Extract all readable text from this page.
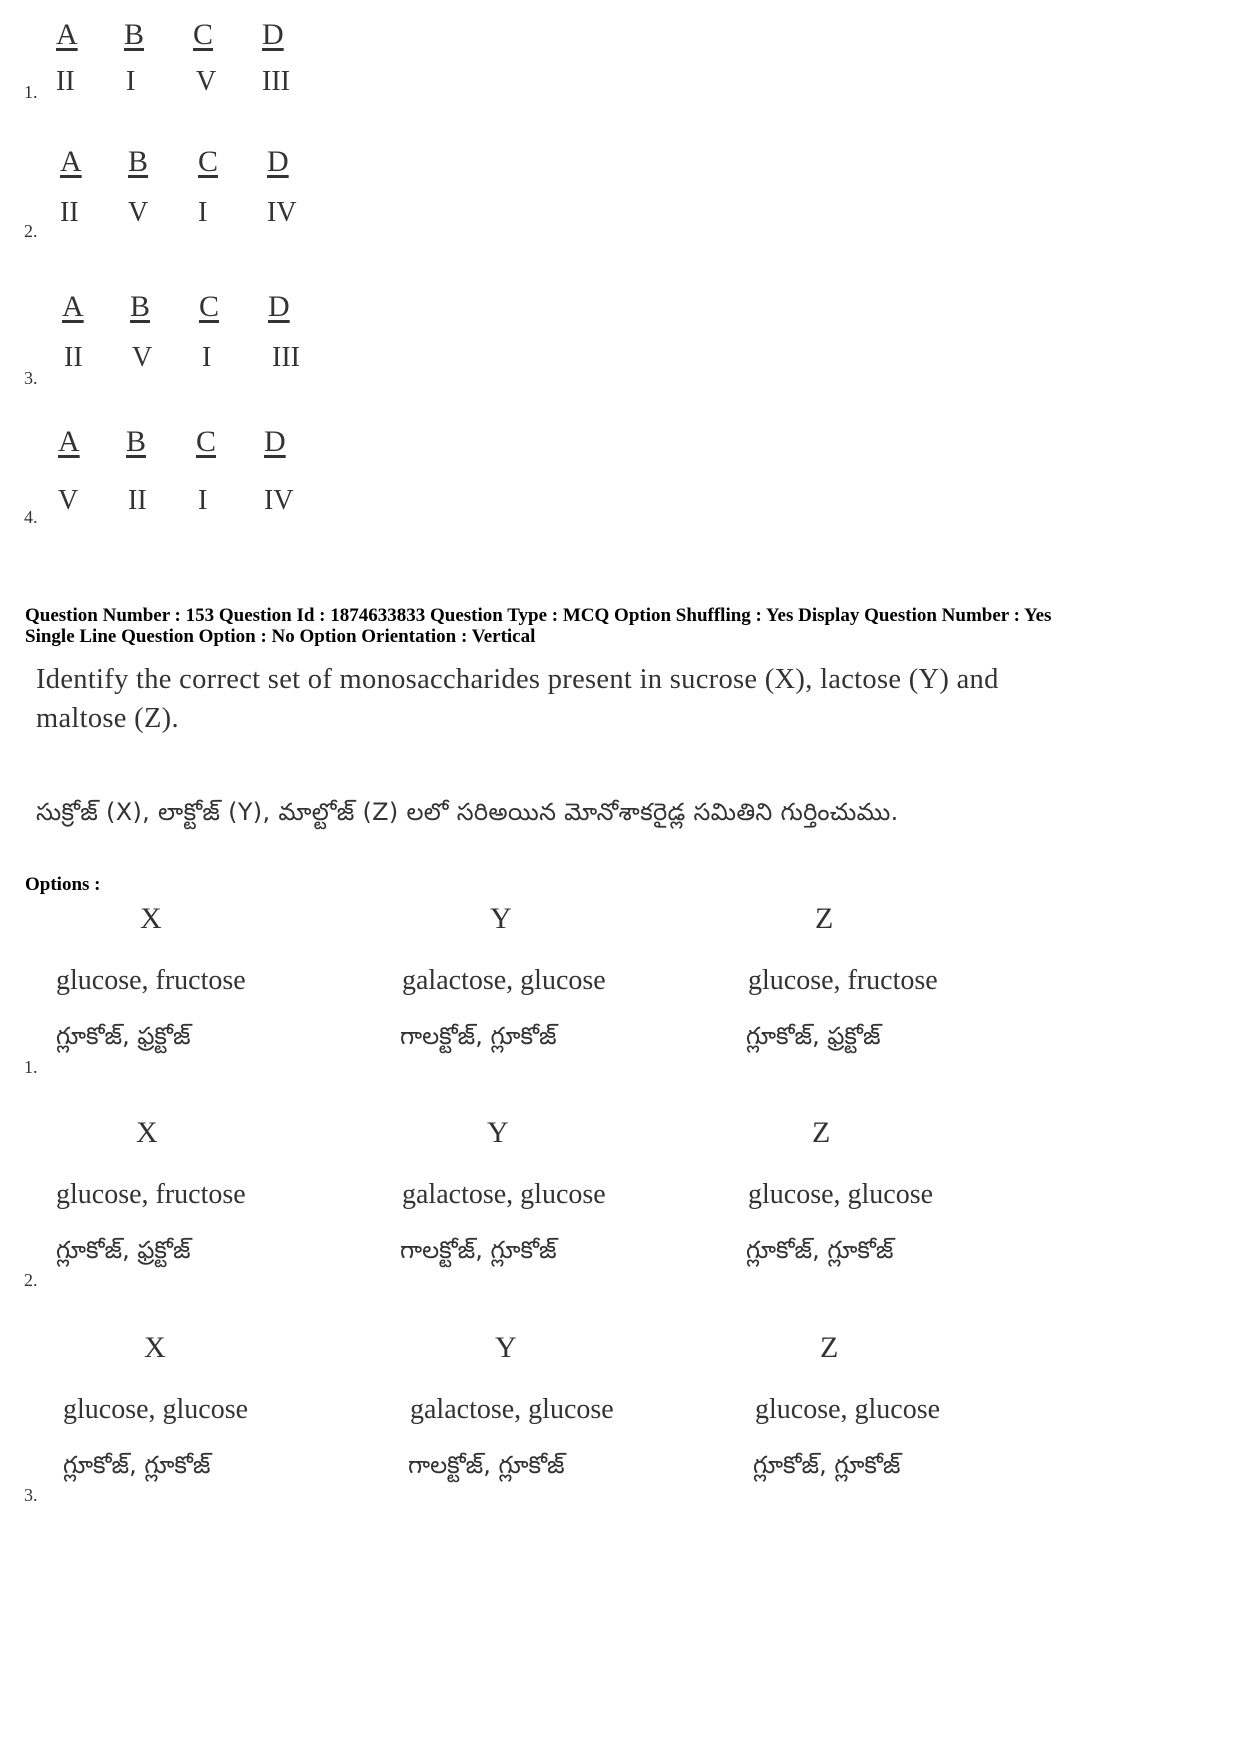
A B C D
II I V III
1.
A B C D
II V I IV
2.
A B C D
II V I III
3.
A B C D
V II I IV
4.
Question Number : 153 Question Id : 1874633833 Question Type : MCQ Option Shuffling : Yes Display Question Number : Yes
Single Line Question Option : No Option Orientation : Vertical
Identify the correct set of monosaccharides present in sucrose (X), lactose (Y) and
maltose (Z).
సుక్రోజ్ (X), లాక్టోజ్ (Y), మాల్టోజ్ (Z) లలో సరిఅయిన మోనోశాకరైడ్ల సమితిని గుర్తించుము.
Options :
X	Y	Z
glucose, fructose	galactose, glucose	glucose, fructose
గ్లూకోజ్, ఫ్రక్టోజ్	గాలక్టోజ్, గ్లూకోజ్	గ్లూకోజ్, ఫ్రక్టోజ్
1.
X	Y	Z
glucose, fructose	galactose, glucose	glucose, glucose
గ్లూకోజ్, ఫ్రక్టోజ్	గాలక్టోజ్, గ్లూకోజ్	గ్లూకోజ్, గ్లూకోజ్
2.
X	Y	Z
glucose, glucose	galactose, glucose	glucose, glucose
గ్లూకోజ్, గ్లూకోజ్	గాలక్టోజ్, గ్లూకోజ్	గ్లూకోజ్, గ్లూకోజ్
3.
